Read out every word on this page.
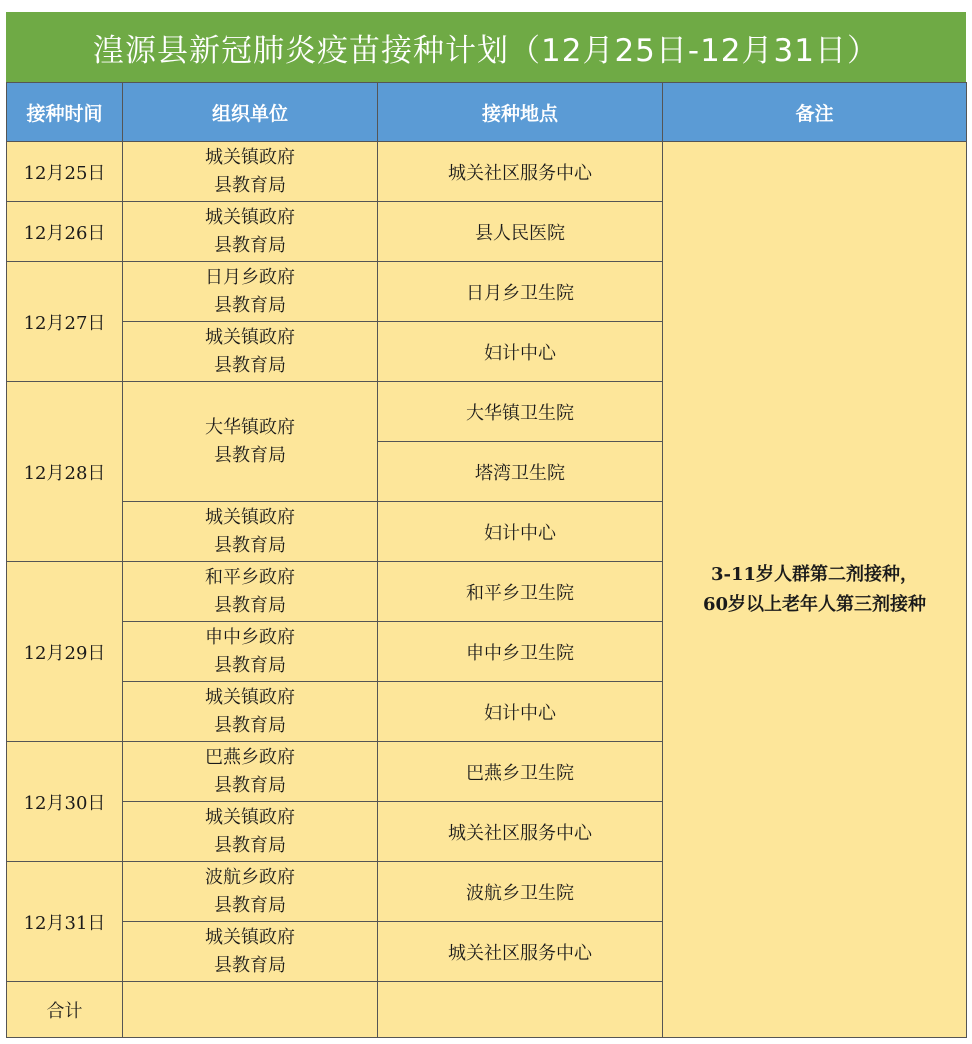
湟源县新冠肺炎疫苗接种计划（12月25日-12月31日）
接种时间	组织单位	接种地点	备注
12月25日	城关镇政府
县教育局	城关社区服务中心	3-11岁人群第二剂接种，
60岁以上老年人第三剂接种

12月26日	城关镇政府
县教育局	县人民医院	
12月27日	日月乡政府
县教育局	日月乡卫生院	

	城关镇政府
县教育局	妇计中心	
12月28日	大华镇政府
县教育局	大华镇卫生院	
		塔湾卫生院	

	城关镇政府
县教育局	妇计中心	
12月29日	和平乡政府
县教育局	和平乡卫生院	

	申中乡政府
县教育局	申中乡卫生院	

	城关镇政府
县教育局	妇计中心	
12月30日	巴燕乡政府
县教育局	巴燕乡卫生院	

	城关镇政府
县教育局	城关社区服务中心	
12月31日	波航乡政府
县教育局	波航乡卫生院	

	城关镇政府
县教育局	城关社区服务中心	
合计			
